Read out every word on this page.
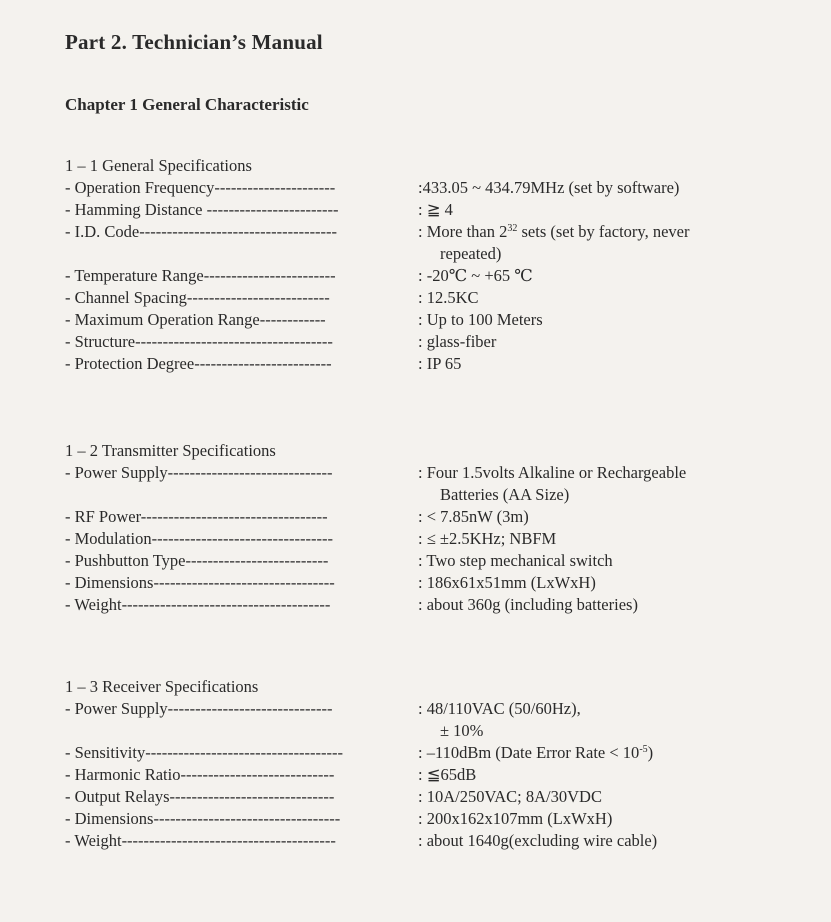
Part 2. Technician’s Manual
Chapter 1 General Characteristic
1 – 1 General Specifications
- Operation Frequency----------------------	:433.05 ~ 434.79MHz (set by software)
- Hamming Distance ------------------------	: ≧ 4
- I.D. Code------------------------------------	: More than $2^{32}$ sets (set by factory, never
repeated)
- Temperature Range------------------------	: -20℃ ~ +65 ℃
- Channel Spacing--------------------------	: 12.5KC
- Maximum Operation Range------------	: Up to 100 Meters
- Structure------------------------------------	: glass-fiber
- Protection Degree-------------------------	: IP 65
1 – 2 Transmitter Specifications
- Power Supply------------------------------	: Four 1.5volts Alkaline or Rechargeable
Batteries (AA Size)
- RF Power----------------------------------	: < 7.85nW (3m)
- Modulation---------------------------------	: ≤ ±2.5KHz; NBFM
- Pushbutton Type--------------------------	: Two step mechanical switch
- Dimensions---------------------------------	: 186x61x51mm (LxWxH)
- Weight--------------------------------------	: about 360g (including batteries)
1 – 3 Receiver Specifications
- Power Supply------------------------------	: 48/110VAC (50/60Hz),
± 10%
- Sensitivity------------------------------------	: –110dBm (Date Error Rate < $10^{-5}$)
- Harmonic Ratio----------------------------	: ≦65dB
- Output Relays------------------------------	: 10A/250VAC; 8A/30VDC
- Dimensions----------------------------------	: 200x162x107mm (LxWxH)
- Weight---------------------------------------	: about 1640g(excluding wire cable)
